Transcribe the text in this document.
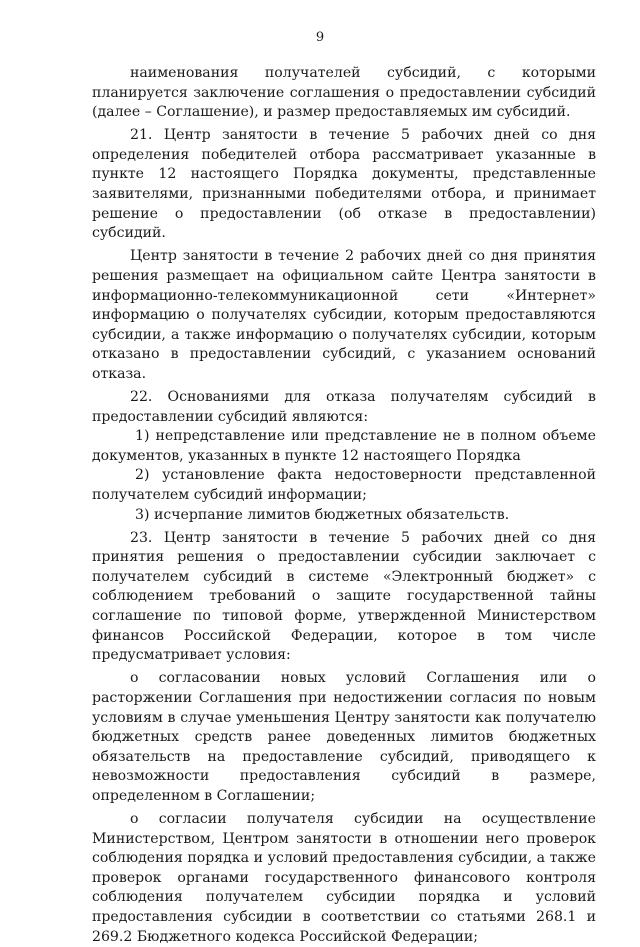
9

наименования получателей субсидий, с которыми планируется заключение соглашения о предоставлении субсидий (далее – Соглашение), и размер предоставляемых им субсидий.

21. Центр занятости в течение 5 рабочих дней со дня определения победителей отбора рассматривает указанные в пункте 12 настоящего Порядка документы, представленные заявителями, признанными победителями отбора, и принимает решение о предоставлении (об отказе в предоставлении) субсидий.

Центр занятости в течение 2 рабочих дней со дня принятия решения размещает на официальном сайте Центра занятости в информационно-телекоммуникационной сети «Интернет» информацию о получателях субсидии, которым предоставляются субсидии, а также информацию о получателях субсидии, которым отказано в предоставлении субсидий, с указанием оснований отказа.

22. Основаниями для отказа получателям субсидий в предоставлении субсидий являются:

1) непредставление или представление не в полном объеме документов, указанных в пункте 12 настоящего Порядка

2) установление факта недостоверности представленной получателем субсидий информации;

3) исчерпание лимитов бюджетных обязательств.

23. Центр занятости в течение 5 рабочих дней со дня принятия решения о предоставлении субсидии заключает с получателем субсидий в системе «Электронный бюджет» с соблюдением требований о защите государственной тайны соглашение по типовой форме, утвержденной Министерством финансов Российской Федерации, которое в том числе предусматривает условия:

о согласовании новых условий Соглашения или о расторжении Соглашения при недостижении согласия по новым условиям в случае уменьшения Центру занятости как получателю бюджетных средств ранее доведенных лимитов бюджетных обязательств на предоставление субсидий, приводящего к невозможности предоставления субсидий в размере, определенном в Соглашении;

о согласии получателя субсидии на осуществление Министерством, Центром занятости в отношении него проверок соблюдения порядка и условий предоставления субсидии, а также проверок органами государственного финансового контроля соблюдения получателем субсидии порядка и условий предоставления субсидии в соответствии со статьями 268.1 и 269.2 Бюджетного кодекса Российской Федерации;
